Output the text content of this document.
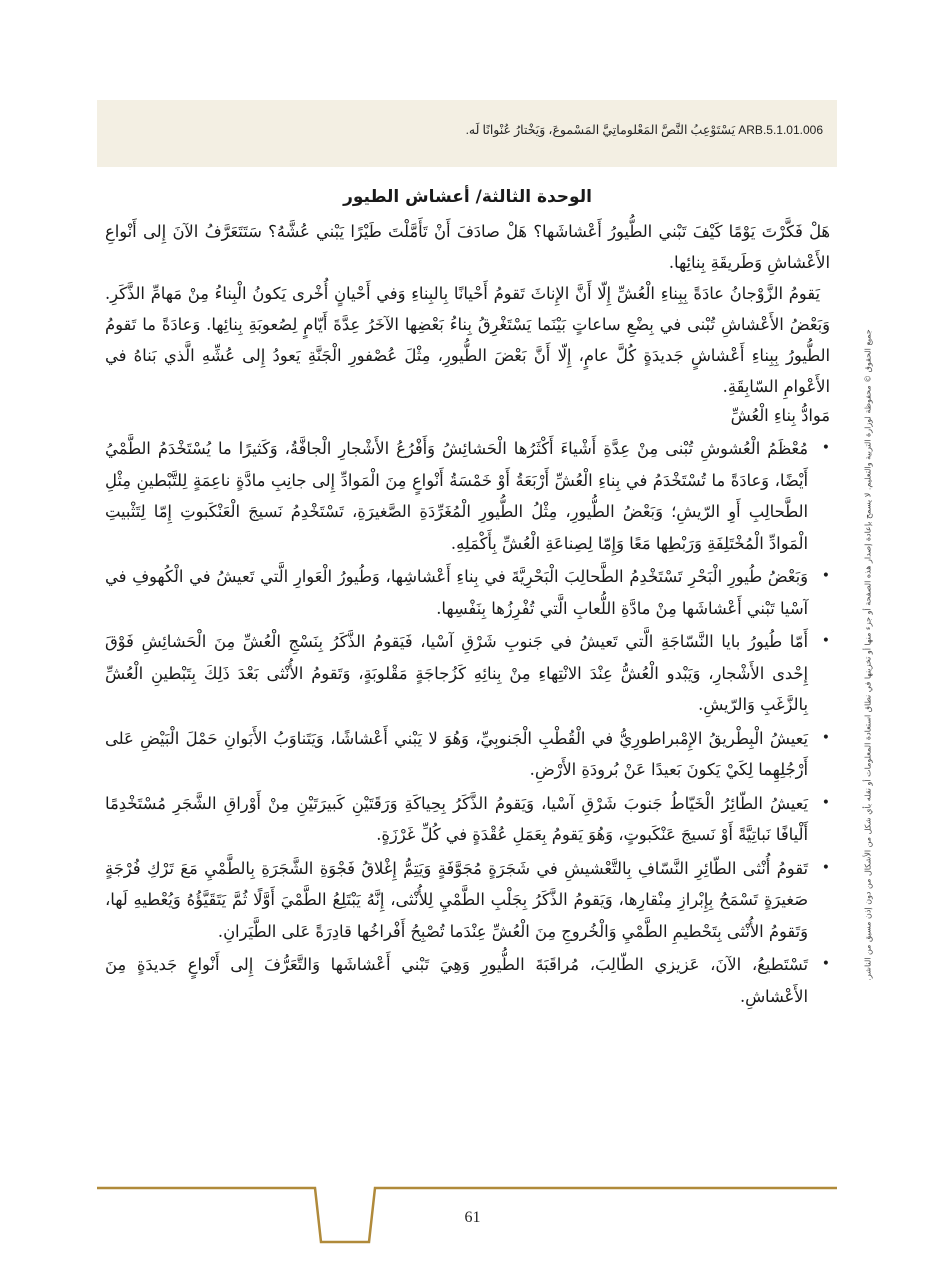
ARB.5.1.01.006 يَسْتَوْعِبُ النَّصَّ المَعْلوماتِيَّ المَسْموعَ، وَيَخْتارُ عُنْوانًا لَه.
الوحدة الثالثة/ أعشاش الطيور

هَلْ فَكَّرْتَ يَوْمًا كَيْفَ تَبْني الطُّيورُ أَعْشاشَها؟ هَلْ صادَفَ أَنْ تَأَمَّلْتَ طَيْرًا يَبْني عُشَّهُ؟ سَتَتَعَرَّفُ الآنَ إِلى أَنْواعِ الأَعْشاشِ وَطَريقَةِ بِنائِها.

يَقومُ الزَّوْجانُ عادَةً بِبِناءِ الْعُشِّ إِلّا أَنَّ الإِناثَ تَقومُ أَحْيانًا بِالبِناءِ وَفي أَحْيانٍ أُخْرى يَكونُ الْبِناءُ مِنْ مَهامِّ الذَّكَرِ. وَبَعْضُ الأَعْشاشِ تُبْنى في بِضْعِ ساعاتٍ بَيْنَما يَسْتَغْرِقُ بِناءُ بَعْضِها الآخَرُ عِدَّةَ أَيّامٍ لِصُعوبَةِ بِنائِها. وَعادَةً ما تَقومُ الطُّيورُ بِبِناءِ أَعْشاشٍ جَديدَةٍ كُلَّ عامٍ، إِلّا أَنَّ بَعْضَ الطُّيورِ، مِثْلَ عُصْفورِ الْجَنَّةِ يَعودُ إِلى عُشِّهِ الَّذي بَناهُ في الأَعْوامِ السّابِقَةِ.

مَوادُّ بِناءِ الْعُشِّ

•
مُعْظَمُ الْعُشوشِ تُبْنى مِنْ عِدَّةِ أَشْياءَ أَكْثَرُها الْحَشائِشُ وَأَفْرُعُ الأَشْجارِ الْجافَّةُ، وَكَثيرًا ما يُسْتَخْدَمُ الطَّمْيُ أَيْضًا، وَعادَةً ما تُسْتَخْدَمُ في بِناءِ الْعُشِّ أَرْبَعَةُ أَوْ خَمْسَةُ أَنْواعٍ مِنَ الْمَوادِّ إِلى جانِبِ مادَّةٍ ناعِمَةٍ لِلتَّبْطينِ مِثْلِ الطَّحالِبِ أَوِ الرّيشِ؛ وَبَعْضُ الطُّيورِ، مِثْلُ الطُّيورِ الْمُغَرِّدَةِ الصَّغيرَةِ، تَسْتَخْدِمُ نَسيجَ الْعَنْكَبوتِ إِمّا لِتَثْبيتِ الْمَوادِّ الْمُخْتَلِفَةِ وَرَبْطِها مَعًا وَإِمّا لِصِناعَةِ الْعُشِّ بِأَكْمَلِهِ.
•
وَبَعْضُ طُيورِ الْبَحْرِ تَسْتَخْدِمُ الطَّحالِبَ الْبَحْرِيَّةَ في بِناءِ أَعْشاشِها، وَطُيورُ الْعَوارِ الَّتي تَعيشُ في الْكُهوفِ في آسْيا تَبْني أَعْشاشَها مِنْ مادَّةِ اللُّعابِ الَّتي تُفْرِزُها بِنَفْسِها.
•
أَمّا طُيورُ بايا النَّسّاجَةِ الَّتي تَعيشُ في جَنوبِ شَرْقِ آسْيا، فَيَقومُ الذَّكَرُ بِنَسْجِ الْعُشِّ مِنَ الْحَشائِشِ فَوْقَ إِحْدى الأَشْجارِ، وَيَبْدو الْعُشُّ عِنْدَ الانْتِهاءِ مِنْ بِنائِهِ كَزُجاجَةٍ مَقْلوبَةٍ، وَتَقومُ الأُنْثى بَعْدَ ذَلِكَ بِتَبْطينِ الْعُشِّ بِالزَّغَبِ وَالرّيشِ.
•
يَعيشُ الْبِطْريقُ الإِمْبراطورِيُّ في الْقُطْبِ الْجَنوبِيِّ، وَهُوَ لا يَبْني أَعْشاشًا، وَيَتَناوَبُ الأَبَوانِ حَمْلَ الْبَيْضِ عَلى أَرْجُلِهِما لِكَيْ يَكونَ بَعيدًا عَنْ بُرودَةِ الأَرْضِ.
•
يَعيشُ الطّائِرُ الْخَيّاطُ جَنوبَ شَرْقِ آسْيا، وَيَقومُ الذَّكَرُ بِحِياكَةِ وَرَقَتَيْنِ كَبيرَتَيْنِ مِنْ أَوْراقِ الشَّجَرِ مُسْتَخْدِمًا أَلْيافًا نَباتِيَّةً أَوْ نَسيجَ عَنْكَبوتٍ، وَهُوَ يَقومُ بِعَمَلِ عُقْدَةٍ في كُلِّ غَرْزَةٍ.
•
تَقومُ أُنْثى الطّائِرِ النَّسّافِ بِالتَّعْشيشِ في شَجَرَةٍ مُجَوَّفَةٍ وَيَتِمُّ إِغْلاقُ فَجْوَةِ الشَّجَرَةِ بِالطَّمْيِ مَعَ تَرْكِ فُرْجَةٍ صَغيرَةٍ تَسْمَحُ بِإِبْرازِ مِنْقارِها، وَيَقومُ الذَّكَرُ بِجَلْبِ الطَّمْيِ لِلأُنْثى، إِنَّهُ يَبْتَلِعُ الطَّمْيَ أَوَّلًا ثُمَّ يَتَقَيَّؤُهُ وَيُعْطيهِ لَها، وَتَقومُ الأُنْثى بِتَحْطيمِ الطَّمْيِ وَالْخُروجِ مِنَ الْعُشِّ عِنْدَما تُصْبِحُ أَفْراخُها قادِرَةً عَلى الطَّيَرانِ.
•
تَسْتَطيعُ، الآنَ، عَزيزي الطّالِبَ، مُراقَبَةَ الطُّيورِ وَهِيَ تَبْني أَعْشاشَها وَالتَّعَرُّفَ إِلى أَنْواعٍ جَديدَةٍ مِنَ الأَعْشاشِ.
جميع الحقوق © محفوظة لوزارة التربية والتعليم. لا يسمح بإعادة إصدار هذه الصفحة أو جزء منها أو تخزينها في نطاق استعادة المعلومات أو نقله بأي شكل من الأشكال من دون إذن مسبق من الناشر.
61
